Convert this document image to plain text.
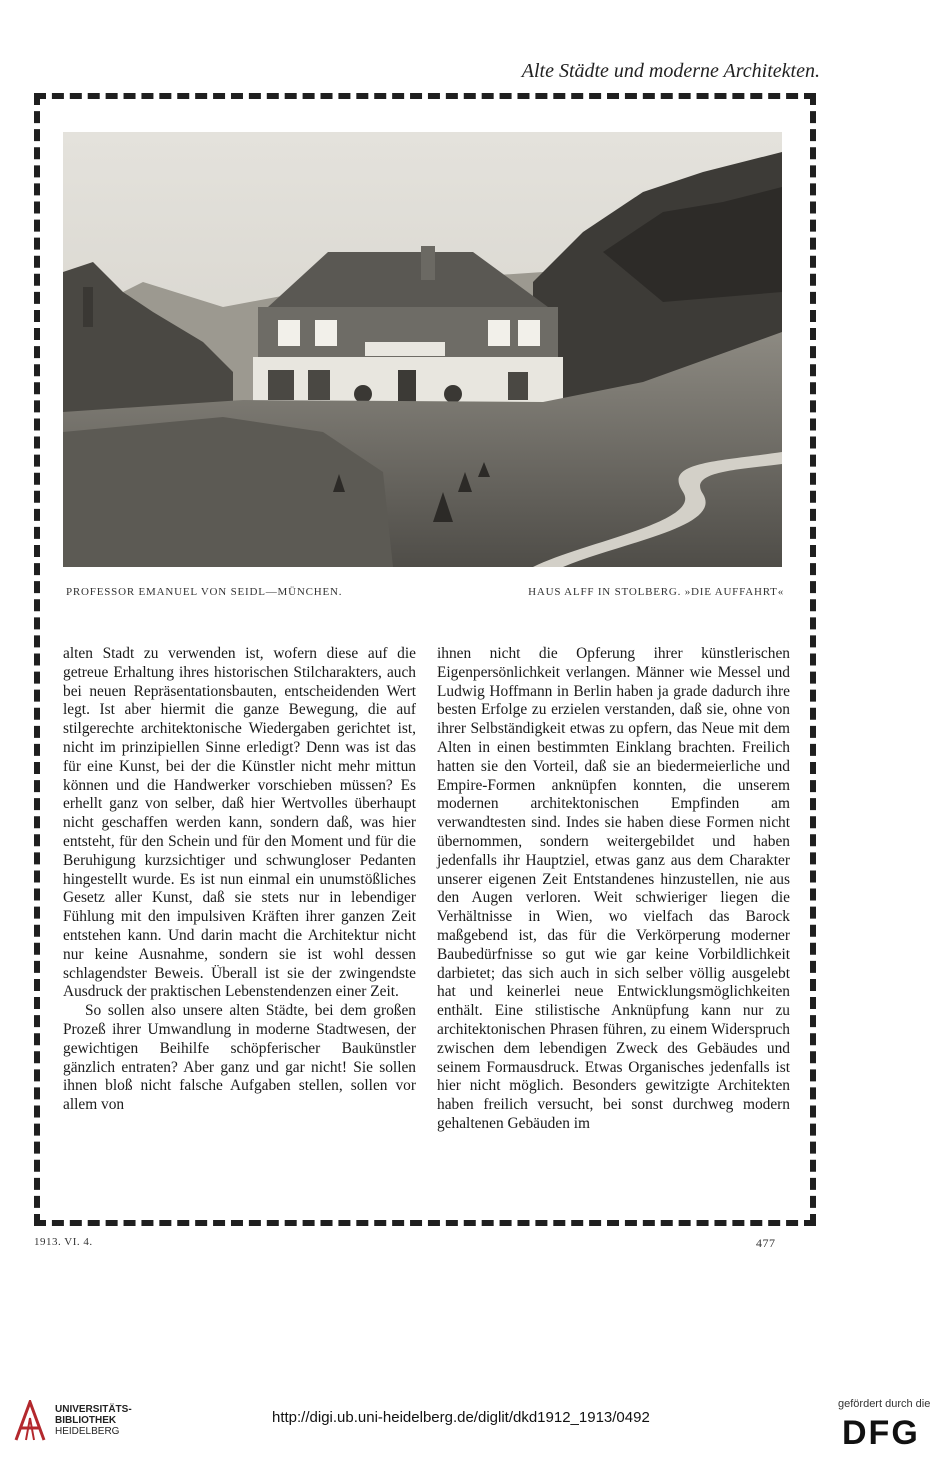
Alte Städte und moderne Architekten.
PROFESSOR EMANUEL VON SEIDL—MÜNCHEN.	HAUS ALFF IN STOLBERG. »DIE AUFFAHRT«

alten Stadt zu verwenden ist, wofern diese auf die getreue Erhaltung ihres historischen Stilcharakters, auch bei neuen Repräsentationsbauten, entscheidenden Wert legt. Ist aber hiermit die ganze Bewegung, die auf stilgerechte architektonische Wiedergaben gerichtet ist, nicht im prinzipiellen Sinne erledigt? Denn was ist das für eine Kunst, bei der die Künstler nicht mehr mittun können und die Handwerker vorschieben müssen? Es erhellt ganz von selber, daß hier Wertvolles überhaupt nicht geschaffen werden kann, sondern daß, was hier entsteht, für den Schein und für den Moment und für die Beruhigung kurzsichtiger und schwungloser Pedanten hingestellt wurde. Es ist nun einmal ein unumstößliches Gesetz aller Kunst, daß sie stets nur in lebendiger Fühlung mit den impulsiven Kräften ihrer ganzen Zeit entstehen kann. Und darin macht die Architektur nicht nur keine Ausnahme, sondern sie ist wohl dessen schlagendster Beweis. Überall ist sie der zwingendste Ausdruck der praktischen Lebenstendenzen einer Zeit.

So sollen also unsere alten Städte, bei dem großen Prozeß ihrer Umwandlung in moderne Stadtwesen, der gewichtigen Beihilfe schöpferischer Baukünstler gänzlich entraten? Aber ganz und gar nicht! Sie sollen ihnen bloß nicht falsche Aufgaben stellen, sollen vor allem von

ihnen nicht die Opferung ihrer künstlerischen Eigenpersönlichkeit verlangen. Männer wie Messel und Ludwig Hoffmann in Berlin haben ja grade dadurch ihre besten Erfolge zu erzielen verstanden, daß sie, ohne von ihrer Selbständigkeit etwas zu opfern, das Neue mit dem Alten in einen bestimmten Einklang brachten. Freilich hatten sie den Vorteil, daß sie an biedermeierliche und Empire-Formen anknüpfen konnten, die unserem modernen architektonischen Empfinden am verwandtesten sind. Indes sie haben diese Formen nicht übernommen, sondern weitergebildet und haben jedenfalls ihr Hauptziel, etwas ganz aus dem Charakter unserer eigenen Zeit Entstandenes hinzustellen, nie aus den Augen verloren. Weit schwieriger liegen die Verhältnisse in Wien, wo vielfach das Barock maßgebend ist, das für die Verkörperung moderner Baubedürfnisse so gut wie gar keine Vorbildlichkeit darbietet; das sich auch in sich selber völlig ausgelebt hat und keinerlei neue Entwicklungsmöglichkeiten enthält. Eine stilistische Anknüpfung kann nur zu architektonischen Phrasen führen, zu einem Widerspruch zwischen dem lebendigen Zweck des Gebäudes und seinem Formausdruck. Etwas Organisches jedenfalls ist hier nicht möglich. Besonders gewitzigte Architekten haben freilich versucht, bei sonst durchweg modern gehaltenen Gebäuden im

1913. VI. 4.	477
UNIVERSITÄTS-
BIBLIOTHEK
HEIDELBERG
http://digi.ub.uni-heidelberg.de/diglit/dkd1912_1913/0492
gefördert durch die
DFG
